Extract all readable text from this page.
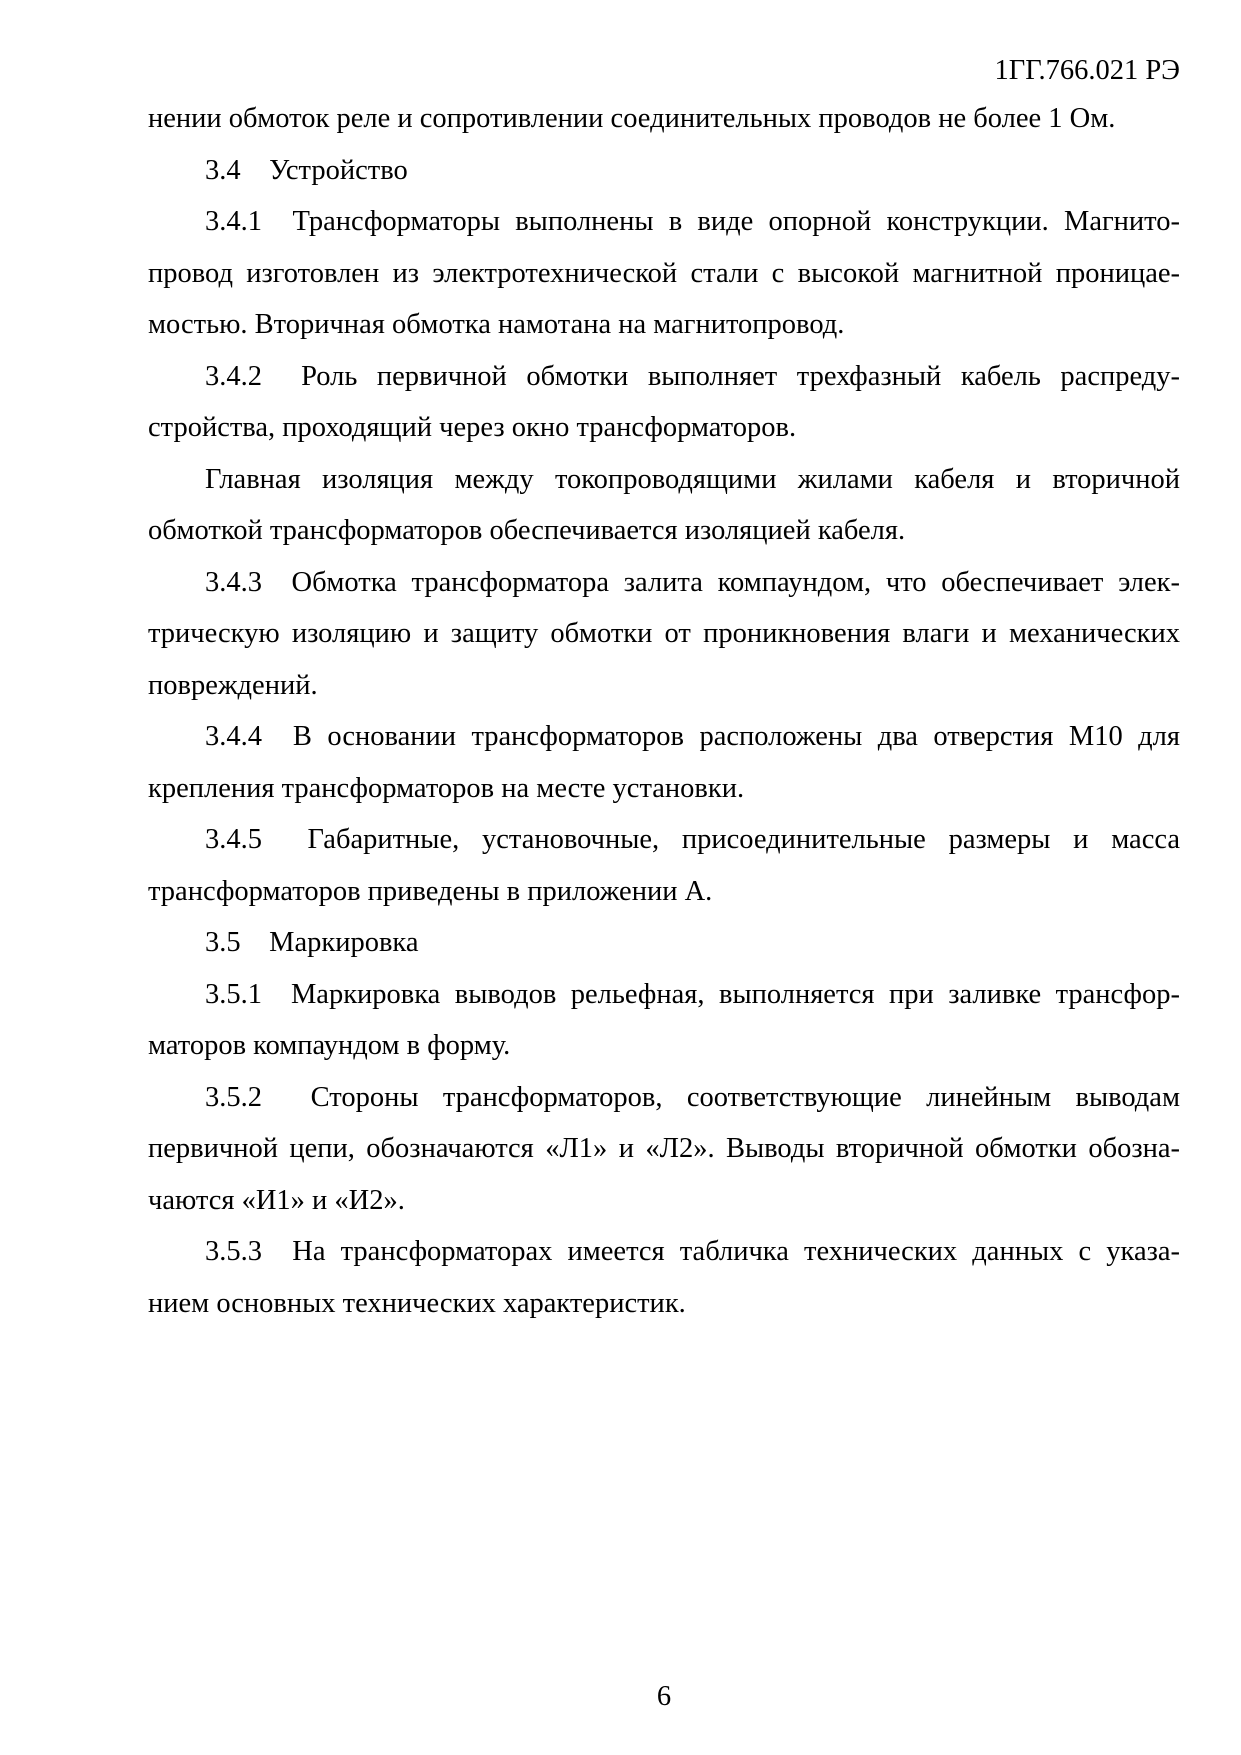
1ГГ.766.021 РЭ
нении обмоток реле и сопротивлении соединительных проводов не более 1 Ом.
3.4    Устройство
3.4.1  Трансформаторы выполнены в виде опорной конструкции. Магнито-
провод изготовлен из электротехнической стали с высокой магнитной проницае-
мостью. Вторичная обмотка намотана на магнитопровод.
3.4.2  Роль первичной обмотки выполняет трехфазный кабель распреду-
стройства, проходящий через окно трансформаторов.
Главная изоляция между токопроводящими жилами кабеля и вторичной
обмоткой трансформаторов обеспечивается изоляцией кабеля.
3.4.3  Обмотка трансформатора залита компаундом, что обеспечивает элек-
трическую изоляцию и защиту обмотки от проникновения влаги и механических
повреждений.
3.4.4  В основании трансформаторов расположены два отверстия М10 для
крепления трансформаторов на месте установки.
3.4.5  Габаритные, установочные, присоединительные размеры и масса
трансформаторов приведены в приложении А.
3.5    Маркировка
3.5.1  Маркировка выводов рельефная, выполняется при заливке трансфор-
маторов компаундом в форму.
3.5.2  Стороны трансформаторов, соответствующие линейным выводам
первичной цепи, обозначаются «Л1» и «Л2». Выводы вторичной обмотки обозна-
чаются «И1» и «И2».
3.5.3  На трансформаторах имеется табличка технических данных с указа-
нием основных технических характеристик.
6
